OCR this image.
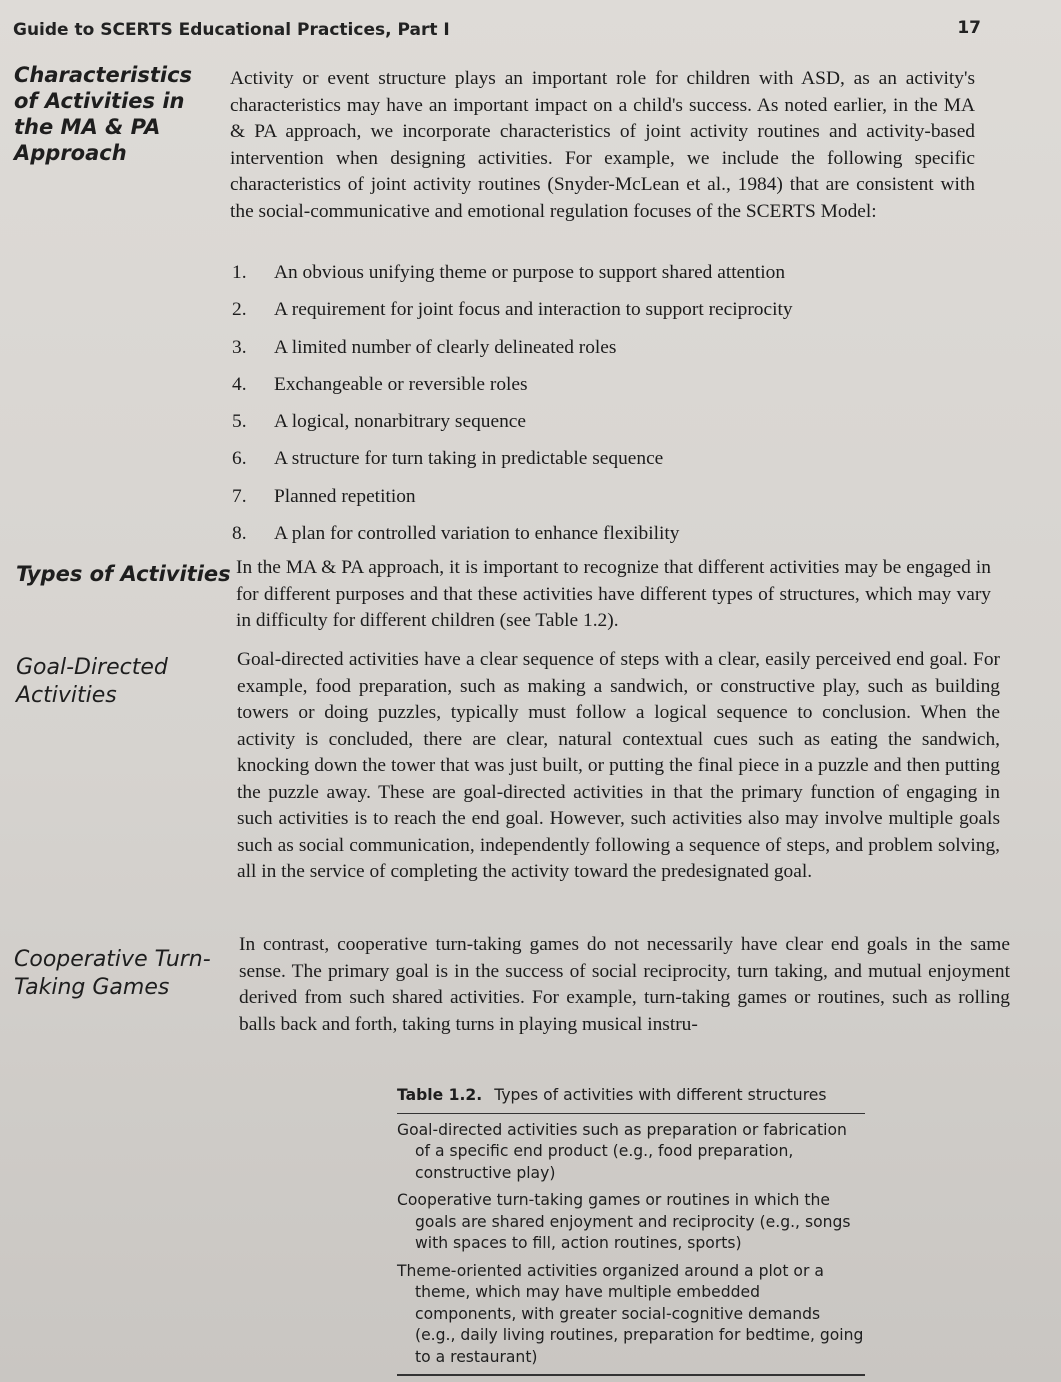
Guide to SCERTS Educational Practices, Part I	17
Characteristics of Activities in the MA & PA Approach
Activity or event structure plays an important role for children with ASD, as an activity's characteristics may have an important impact on a child's success. As noted earlier, in the MA & PA approach, we incorporate characteristics of joint activity routines and activity-based intervention when designing activities. For example, we include the following specific characteristics of joint activity routines (Snyder-McLean et al., 1984) that are consistent with the social-communicative and emotional regulation focuses of the SCERTS Model:
1.	An obvious unifying theme or purpose to support shared attention
2.	A requirement for joint focus and interaction to support reciprocity
3.	A limited number of clearly delineated roles
4.	Exchangeable or reversible roles
5.	A logical, nonarbitrary sequence
6.	A structure for turn taking in predictable sequence
7.	Planned repetition
8.	A plan for controlled variation to enhance flexibility
Types of Activities In the MA & PA approach, it is important to recognize that different activities may be engaged in for different purposes and that these activities have different types of structures, which may vary in difficulty for different children (see Table 1.2).
Goal-Directed Activities
Goal-directed activities have a clear sequence of steps with a clear, easily perceived end goal. For example, food preparation, such as making a sandwich, or constructive play, such as building towers or doing puzzles, typically must follow a logical sequence to conclusion. When the activity is concluded, there are clear, natural contextual cues such as eating the sandwich, knocking down the tower that was just built, or putting the final piece in a puzzle and then putting the puzzle away. These are goal-directed activities in that the primary function of engaging in such activities is to reach the end goal. However, such activities also may involve multiple goals such as social communication, independently following a sequence of steps, and problem solving, all in the service of completing the activity toward the predesignated goal.
Cooperative Turn-Taking Games
In contrast, cooperative turn-taking games do not necessarily have clear end goals in the same sense. The primary goal is in the success of social reciprocity, turn taking, and mutual enjoyment derived from such shared activities. For example, turn-taking games or routines, such as rolling balls back and forth, taking turns in playing musical instru-
Table 1.2. Types of activities with different structures
Goal-directed activities such as preparation or fabrication of a specific end product (e.g., food preparation, constructive play)
Cooperative turn-taking games or routines in which the goals are shared enjoyment and reciprocity (e.g., songs with spaces to fill, action routines, sports)
Theme-oriented activities organized around a plot or a theme, which may have multiple embedded components, with greater social-cognitive demands (e.g., daily living routines, preparation for bedtime, going to a restaurant)
